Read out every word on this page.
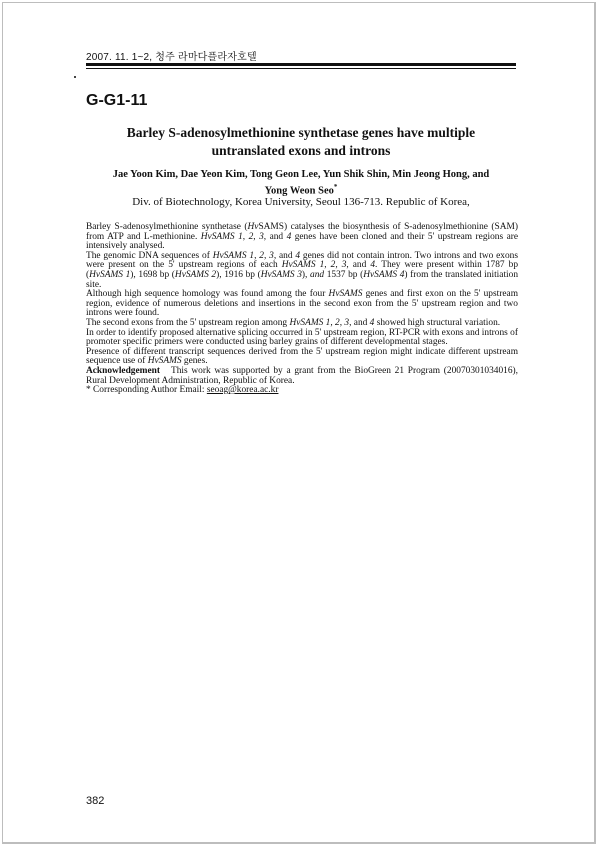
2007. 11. 1~2, 청주 라마다플라자호텔
G-G1-11
Barley S-adenosylmethionine synthetase genes have multiple
untranslated exons and introns
Jae Yoon Kim, Dae Yeon Kim, Tong Geon Lee, Yun Shik Shin, Min Jeong Hong, and
Yong Weon Seo*
Div. of Biotechnology, Korea University, Seoul 136-713. Republic of Korea,

Barley S-adenosylmethionine synthetase (HvSAMS) catalyses the biosynthesis of S-adenosylmethionine (SAM) from ATP and L-methionine. HvSAMS 1, 2, 3, and 4 genes have been cloned and their 5' upstream regions are intensively analysed.

The genomic DNA sequences of HvSAMS 1, 2, 3, and 4 genes did not contain intron. Two introns and two exons were present on the 5' upstream regions of each HvSAMS 1, 2, 3, and 4. They were present within 1787 bp (HvSAMS 1), 1698 bp (HvSAMS 2), 1916 bp (HvSAMS 3), and 1537 bp (HvSAMS 4) from the translated initiation site.

Although high sequence homology was found among the four HvSAMS genes and first exon on the 5' upstream region, evidence of numerous deletions and insertions in the second exon from the 5' upstream region and two introns were found.

The second exons from the 5' upstream region among HvSAMS 1, 2, 3, and 4 showed high structural variation.

In order to identify proposed alternative splicing occurred in 5' upstream region, RT-PCR with exons and introns of promoter specific primers were conducted using barley grains of different developmental stages.

Presence of different transcript sequences derived from the 5' upstream region might indicate different upstream sequence use of HvSAMS genes.

Acknowledgement   This work was supported by a grant from the BioGreen 21 Program (20070301034016), Rural Development Administration, Republic of Korea.

* Corresponding Author Email: seoag@korea.ac.kr

382
